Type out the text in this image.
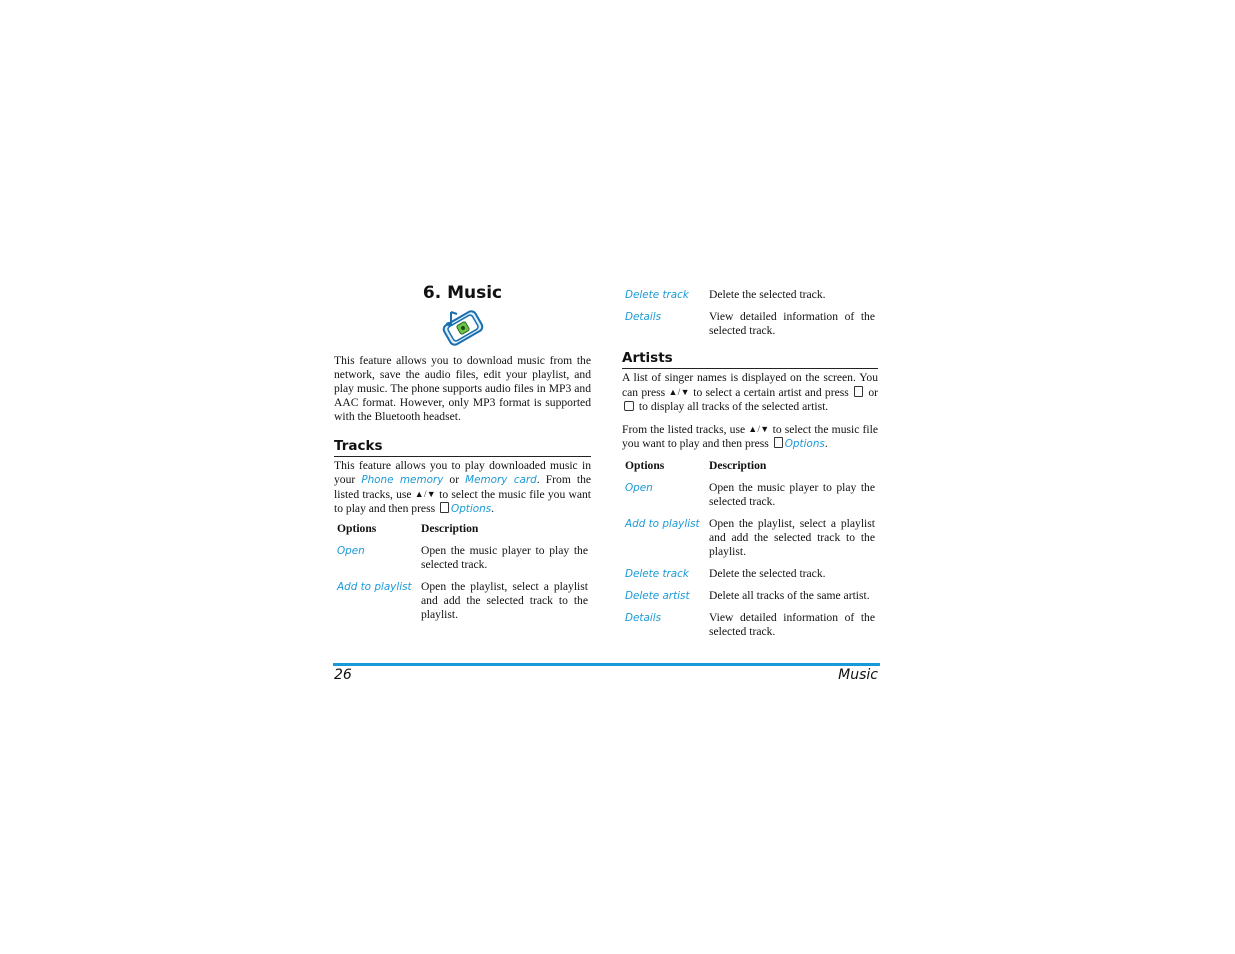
6. Music

This feature allows you to download music from the network, save the audio files, edit your playlist, and play music. The phone supports audio files in MP3 and AAC format. However, only MP3 format is supported with the Bluetooth headset.

Tracks

This feature allows you to play downloaded music in your Phone memory or Memory card. From the listed tracks, use ▲/▼ to select the music file you want to play and then press Options.

Options	Description
Open	Open the music player to play the selected track.
Add to playlist	Open the playlist, select a playlist and add the selected track to the playlist.
Delete track	Delete the selected track.
Details	View detailed information of the selected track.
Artists

A list of singer names is displayed on the screen. You can press ▲/▼ to select a certain artist and press or  to display all tracks of the selected artist.

From the listed tracks, use ▲/▼ to select the music file you want to play and then press Options.

Options	Description
Open	Open the music player to play the selected track.
Add to playlist	Open the playlist, select a playlist and add the selected track to the playlist.
Delete track	Delete the selected track.
Delete artist	Delete all tracks of the same artist.
Details	View detailed information of the selected track.
26	Music
